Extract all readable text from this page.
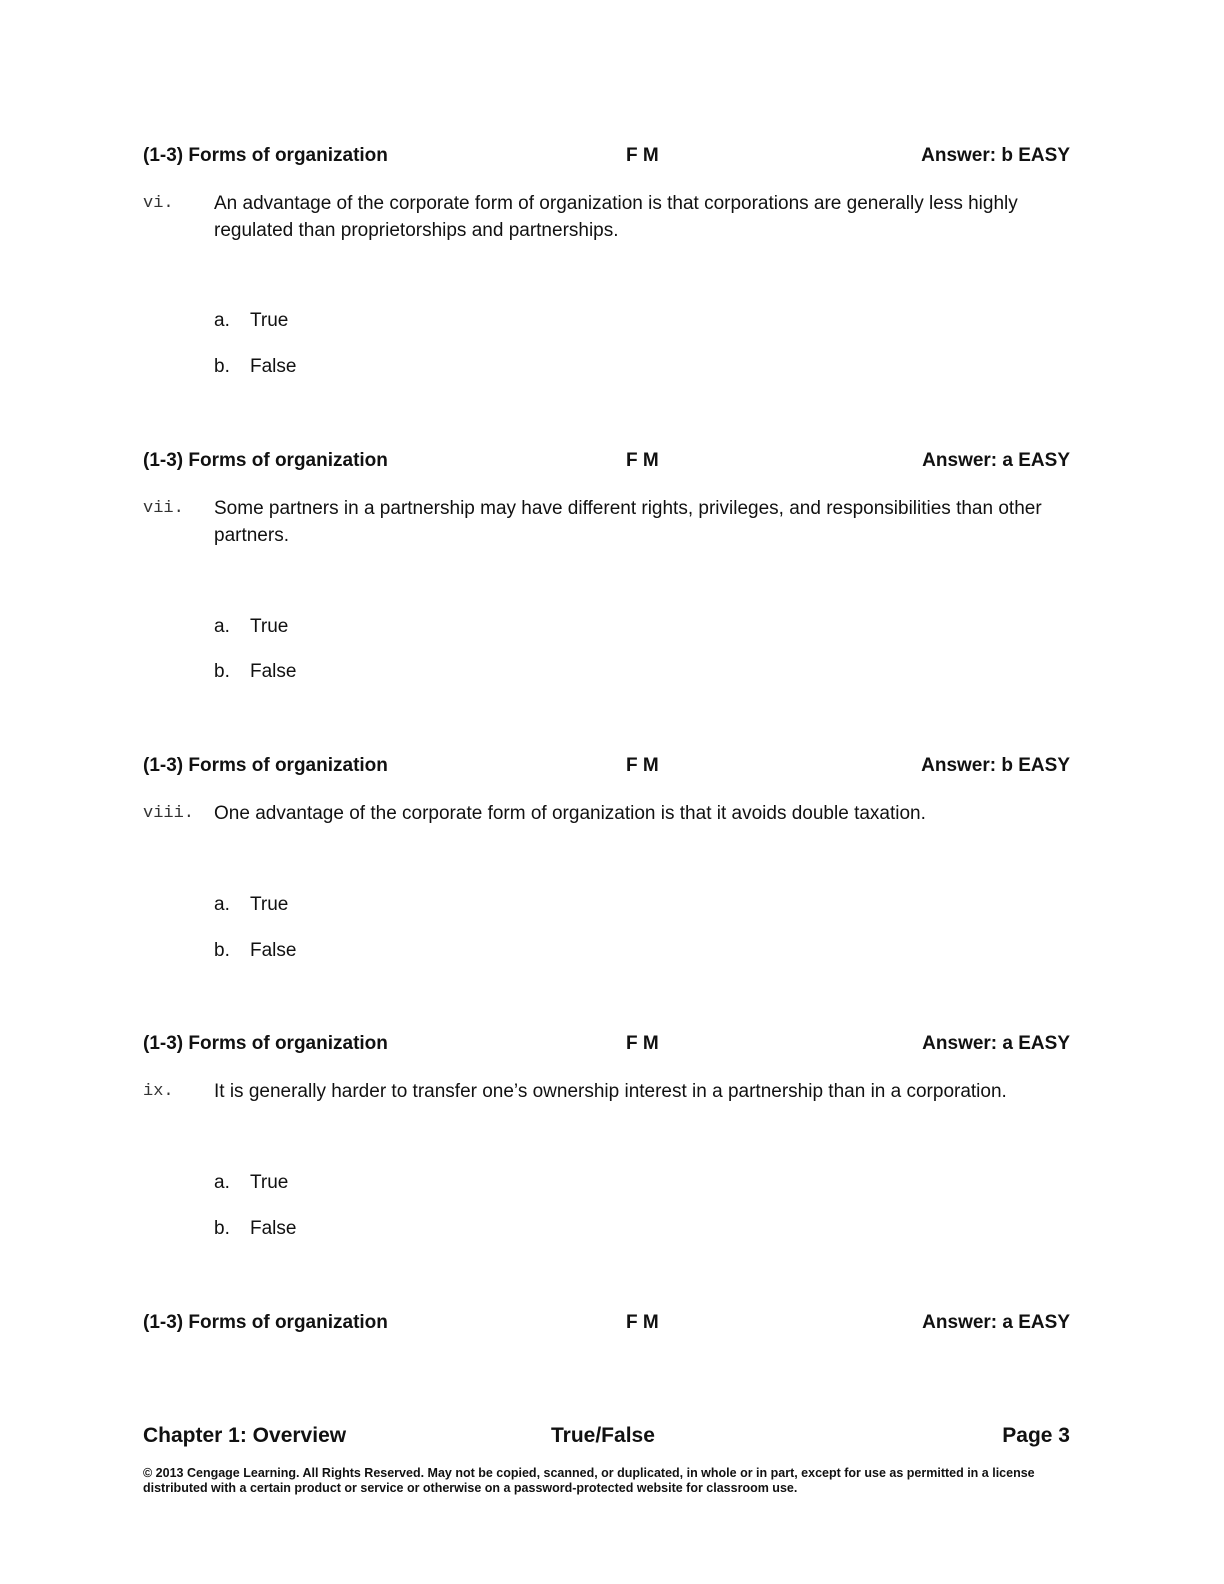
(1-3) Forms of organization	F M	Answer: b EASY
vi. An advantage of the corporate form of organization is that corporations are generally less highly regulated than proprietorships and partnerships.
a. True
b. False
(1-3) Forms of organization	F M	Answer: a EASY
vii. Some partners in a partnership may have different rights, privileges, and responsibilities than other partners.
a. True
b. False
(1-3) Forms of organization	F M	Answer: b EASY
viii. One advantage of the corporate form of organization is that it avoids double taxation.
a. True
b. False
(1-3) Forms of organization	F M	Answer: a EASY
ix. It is generally harder to transfer one’s ownership interest in a partnership than in a corporation.
a. True
b. False
(1-3) Forms of organization	F M	Answer: a EASY
Chapter 1: Overview	True/False	Page 3
© 2013 Cengage Learning. All Rights Reserved. May not be copied, scanned, or duplicated, in whole or in part, except for use as permitted in a license distributed with a certain product or service or otherwise on a password-protected website for classroom use.
